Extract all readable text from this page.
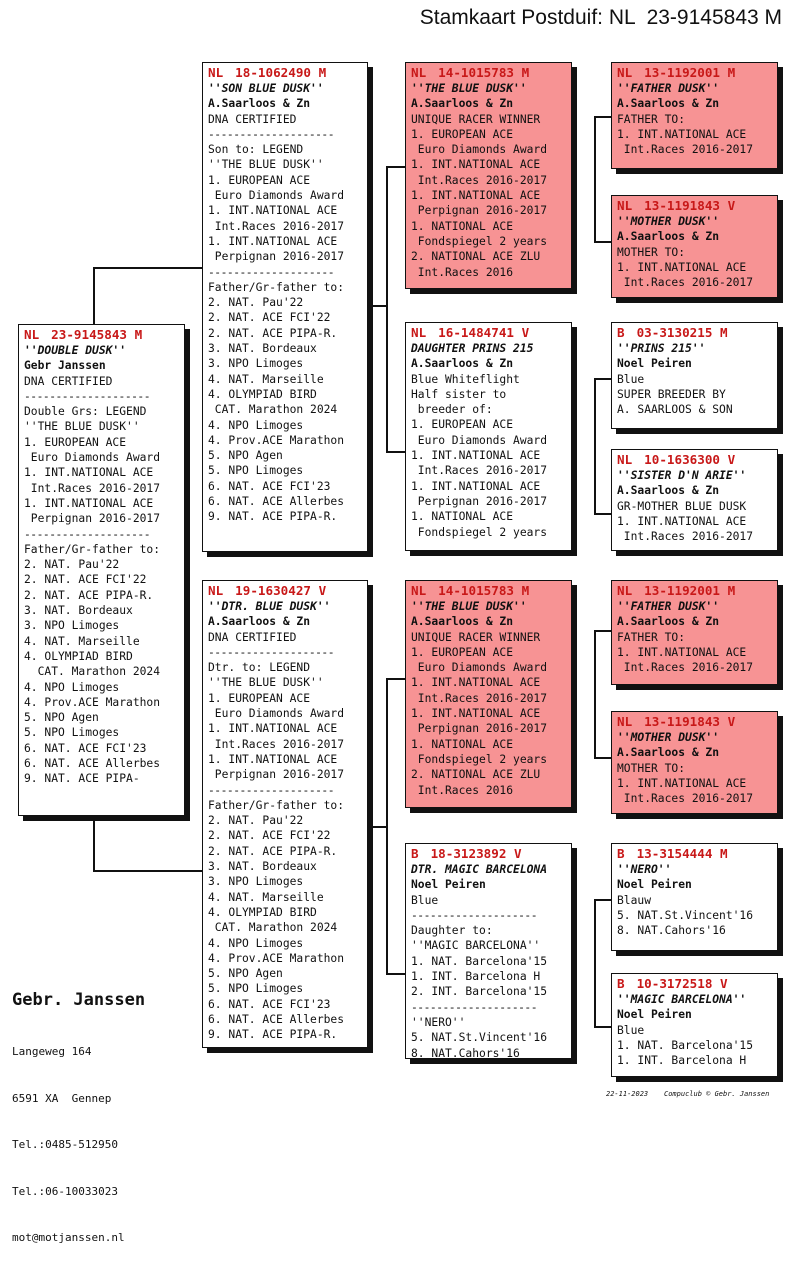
Stamkaart Postduif: NL  23-9145843 M
NL 23-9145843 M
''DOUBLE DUSK''
Gebr Janssen
DNA CERTIFIED
--------------------
Double Grs: LEGEND
''THE BLUE DUSK''
1. EUROPEAN ACE
Euro Diamonds Award
1. INT.NATIONAL ACE
Int.Races 2016-2017
1. INT.NATIONAL ACE
Perpignan 2016-2017
--------------------
Father/Gr-father to:
2. NAT. Pau'22
2. NAT. ACE FCI'22
2. NAT. ACE PIPA-R.
3. NAT. Bordeaux
3. NPO Limoges
4. NAT. Marseille
4. OLYMPIAD BIRD
CAT. Marathon 2024
4. NPO Limoges
4. Prov.ACE Marathon
5. NPO Agen
5. NPO Limoges
6. NAT. ACE FCI'23
6. NAT. ACE Allerbes
9. NAT. ACE PIPA-
NL 18-1062490 M
''SON BLUE DUSK''
A.Saarloos & Zn
DNA CERTIFIED
--------------------
Son to: LEGEND
''THE BLUE DUSK''
1. EUROPEAN ACE
Euro Diamonds Award
1. INT.NATIONAL ACE
Int.Races 2016-2017
1. INT.NATIONAL ACE
Perpignan 2016-2017
--------------------
Father/Gr-father to:
2. NAT. Pau'22
2. NAT. ACE FCI'22
2. NAT. ACE PIPA-R.
3. NAT. Bordeaux
3. NPO Limoges
4. NAT. Marseille
4. OLYMPIAD BIRD
CAT. Marathon 2024
4. NPO Limoges
4. Prov.ACE Marathon
5. NPO Agen
5. NPO Limoges
6. NAT. ACE FCI'23
6. NAT. ACE Allerbes
9. NAT. ACE PIPA-R.
NL 19-1630427 V
''DTR. BLUE DUSK''
A.Saarloos & Zn
DNA CERTIFIED
--------------------
Dtr. to: LEGEND
''THE BLUE DUSK''
1. EUROPEAN ACE
Euro Diamonds Award
1. INT.NATIONAL ACE
Int.Races 2016-2017
1. INT.NATIONAL ACE
Perpignan 2016-2017
--------------------
Father/Gr-father to:
2. NAT. Pau'22
2. NAT. ACE FCI'22
2. NAT. ACE PIPA-R.
3. NAT. Bordeaux
3. NPO Limoges
4. NAT. Marseille
4. OLYMPIAD BIRD
CAT. Marathon 2024
4. NPO Limoges
4. Prov.ACE Marathon
5. NPO Agen
5. NPO Limoges
6. NAT. ACE FCI'23
6. NAT. ACE Allerbes
9. NAT. ACE PIPA-R.
NL 14-1015783 M
''THE BLUE DUSK''
A.Saarloos & Zn
UNIQUE RACER WINNER
1. EUROPEAN ACE
Euro Diamonds Award
1. INT.NATIONAL ACE
Int.Races 2016-2017
1. INT.NATIONAL ACE
Perpignan 2016-2017
1. NATIONAL ACE
Fondspiegel 2 years
2. NATIONAL ACE ZLU
Int.Races 2016
NL 16-1484741 V
DAUGHTER PRINS 215
A.Saarloos & Zn
Blue Whiteflight
Half sister to
breeder of:
1. EUROPEAN ACE
Euro Diamonds Award
1. INT.NATIONAL ACE
Int.Races 2016-2017
1. INT.NATIONAL ACE
Perpignan 2016-2017
1. NATIONAL ACE
Fondspiegel 2 years
NL 14-1015783 M
''THE BLUE DUSK''
A.Saarloos & Zn
UNIQUE RACER WINNER
1. EUROPEAN ACE
Euro Diamonds Award
1. INT.NATIONAL ACE
Int.Races 2016-2017
1. INT.NATIONAL ACE
Perpignan 2016-2017
1. NATIONAL ACE
Fondspiegel 2 years
2. NATIONAL ACE ZLU
Int.Races 2016
B 18-3123892 V
DTR. MAGIC BARCELONA
Noel Peiren
Blue
--------------------
Daughter to:
''MAGIC BARCELONA''
1. NAT. Barcelona'15
1. INT. Barcelona H
2. INT. Barcelona'15
--------------------
''NERO''
5. NAT.St.Vincent'16
8. NAT.Cahors'16
NL 13-1192001 M
''FATHER DUSK''
A.Saarloos & Zn
FATHER TO:
1. INT.NATIONAL ACE
Int.Races 2016-2017
NL 13-1191843 V
''MOTHER DUSK''
A.Saarloos & Zn
MOTHER TO:
1. INT.NATIONAL ACE
Int.Races 2016-2017
B 03-3130215 M
''PRINS 215''
Noel Peiren
Blue
SUPER BREEDER BY
A. SAARLOOS & SON
NL 10-1636300 V
''SISTER D'N ARIE''
A.Saarloos & Zn
GR-MOTHER BLUE DUSK
1. INT.NATIONAL ACE
Int.Races 2016-2017
NL 13-1192001 M
''FATHER DUSK''
A.Saarloos & Zn
FATHER TO:
1. INT.NATIONAL ACE
Int.Races 2016-2017
NL 13-1191843 V
''MOTHER DUSK''
A.Saarloos & Zn
MOTHER TO:
1. INT.NATIONAL ACE
Int.Races 2016-2017
B 13-3154444 M
''NERO''
Noel Peiren
Blauw
5. NAT.St.Vincent'16
8. NAT.Cahors'16
B 10-3172518 V
''MAGIC BARCELONA''
Noel Peiren
Blue
1. NAT. Barcelona'15
1. INT. Barcelona H
Gebr. Janssen

Langeweg 164

6591 XA  Gennep

Tel.:0485-512950

Tel.:06-10033023

mot@motjanssen.nl

22-11-2023 Compuclub © Gebr. Janssen
